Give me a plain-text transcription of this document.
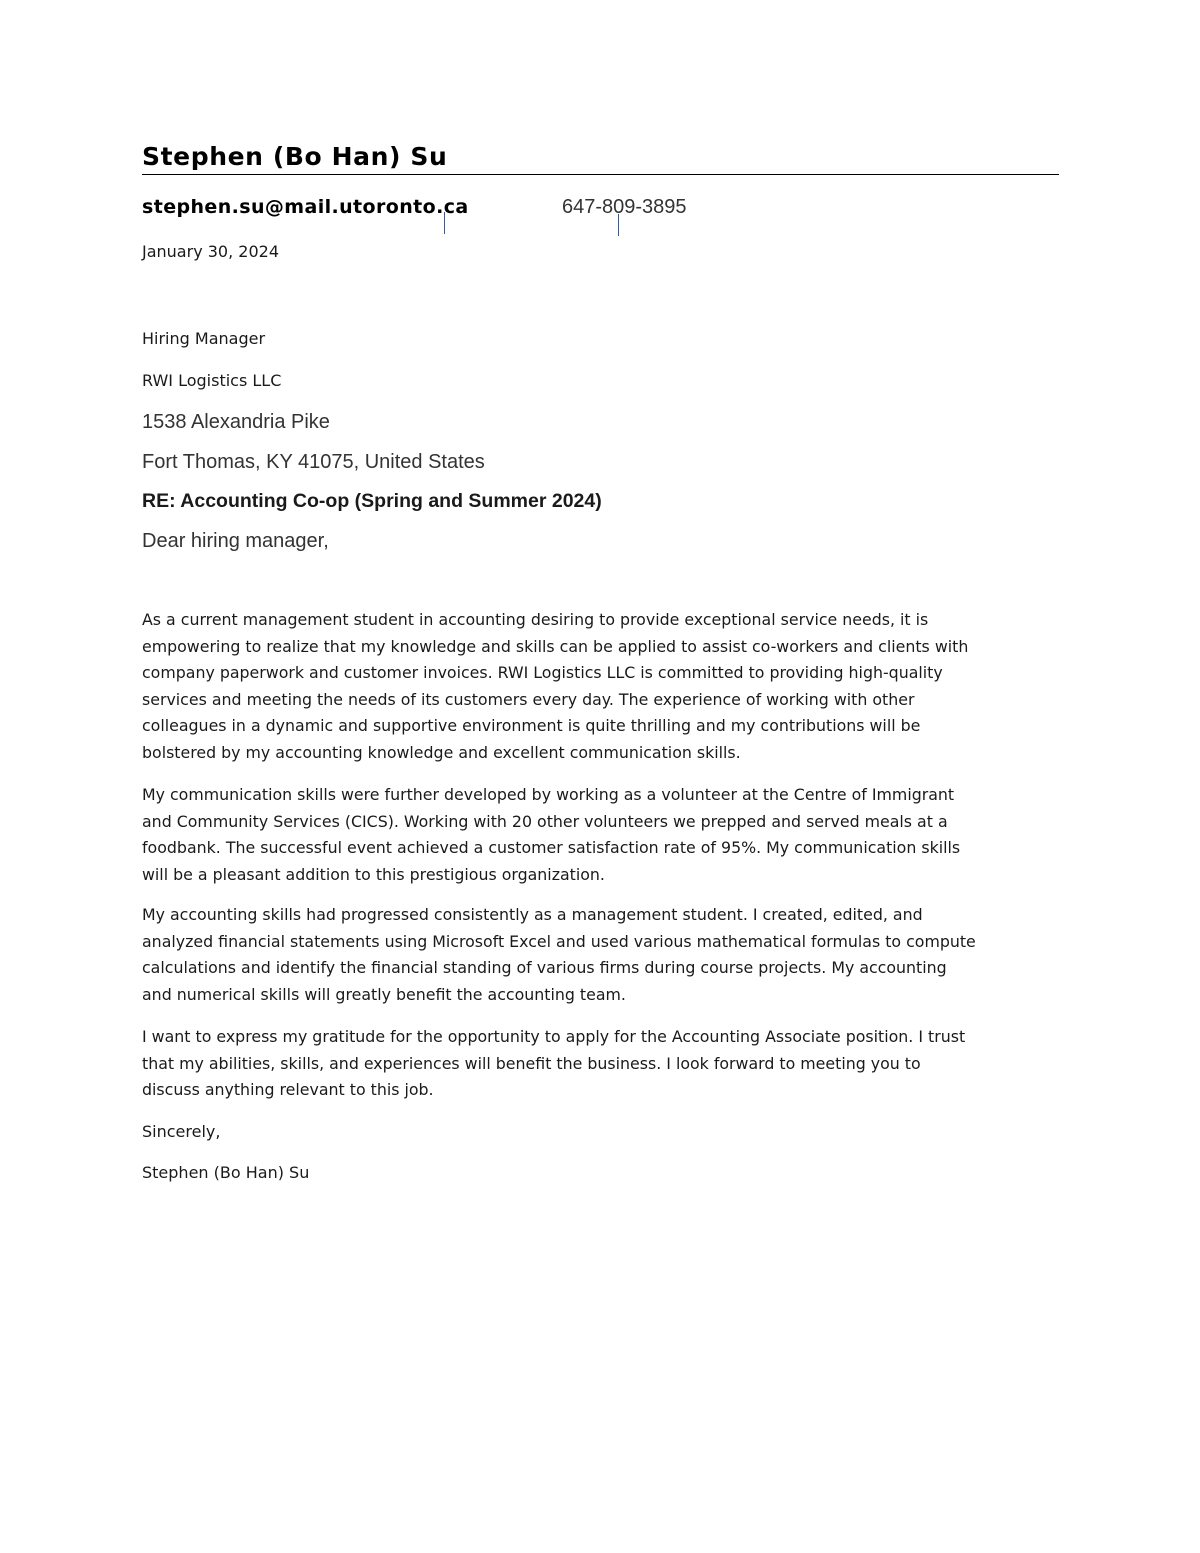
Stephen (Bo Han) Su
stephen.su@mail.utoronto.ca	647-809-3895
January 30, 2024
Hiring Manager
RWI Logistics LLC
1538 Alexandria Pike
Fort Thomas, KY 41075, United States
RE: Accounting Co-op (Spring and Summer 2024)
Dear hiring manager,

As a current management student in accounting desiring to provide exceptional service needs, it is
empowering to realize that my knowledge and skills can be applied to assist co-workers and clients with
company paperwork and customer invoices. RWI Logistics LLC is committed to providing high-quality
services and meeting the needs of its customers every day. The experience of working with other
colleagues in a dynamic and supportive environment is quite thrilling and my contributions will be
bolstered by my accounting knowledge and excellent communication skills.

My communication skills were further developed by working as a volunteer at the Centre of Immigrant
and Community Services (CICS). Working with 20 other volunteers we prepped and served meals at a
foodbank. The successful event achieved a customer satisfaction rate of 95%. My communication skills
will be a pleasant addition to this prestigious organization.

My accounting skills had progressed consistently as a management student. I created, edited, and
analyzed financial statements using Microsoft Excel and used various mathematical formulas to compute
calculations and identify the financial standing of various firms during course projects. My accounting
and numerical skills will greatly benefit the accounting team.

I want to express my gratitude for the opportunity to apply for the Accounting Associate position. I trust
that my abilities, skills, and experiences will benefit the business. I look forward to meeting you to
discuss anything relevant to this job.

Sincerely,
Stephen (Bo Han) Su
